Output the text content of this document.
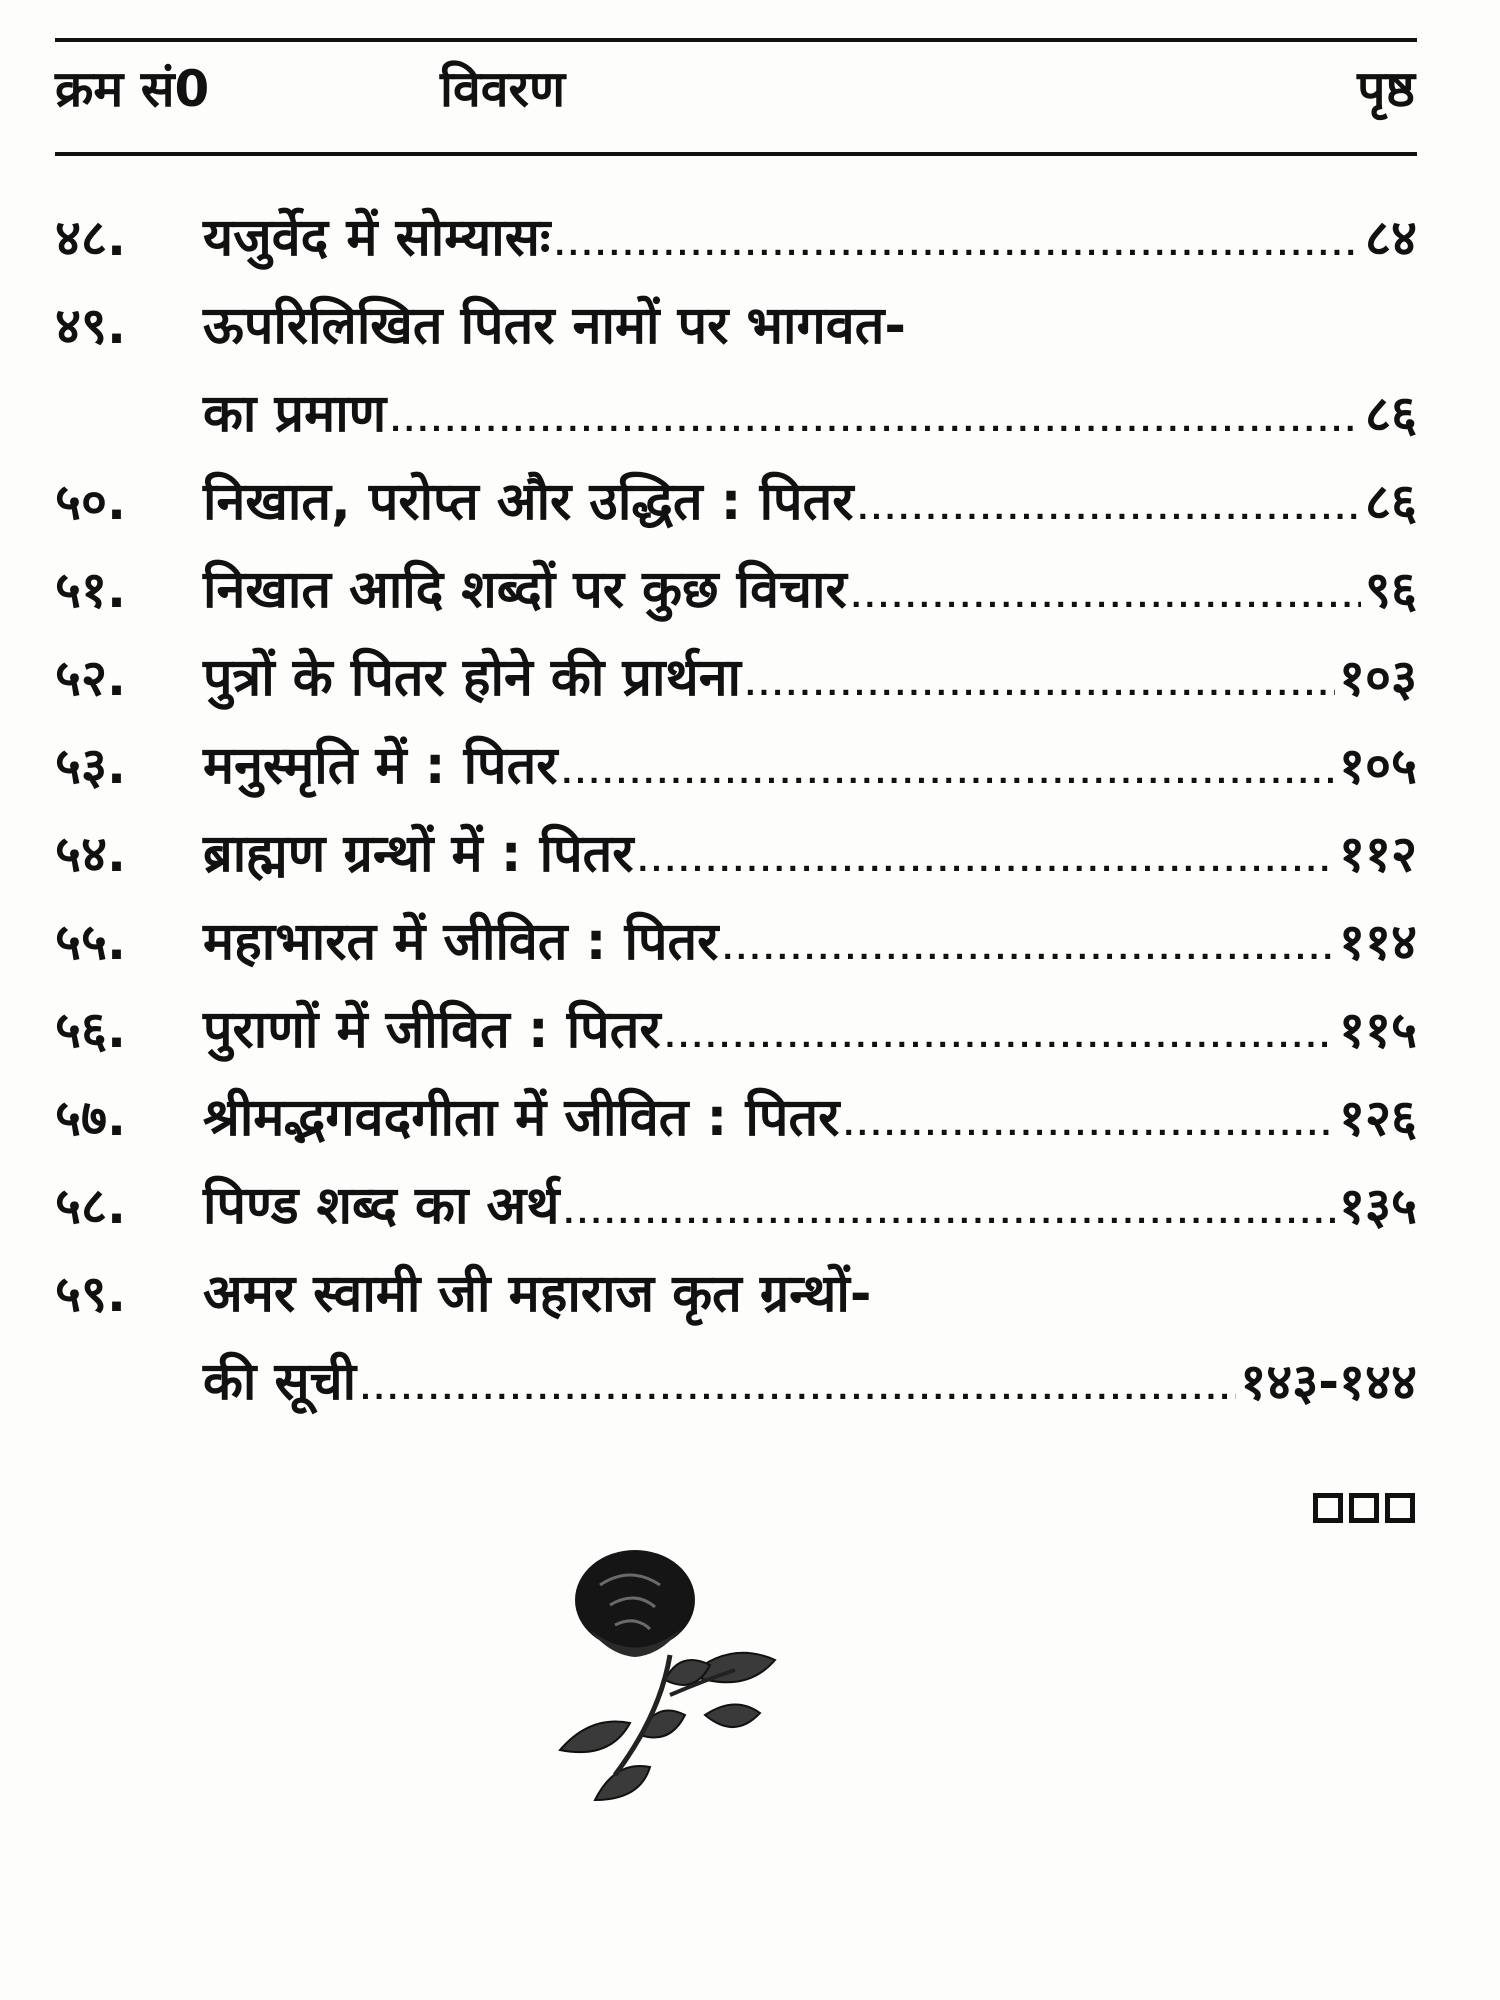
क्रम सं0	विवरण	पृष्ठ
४८.	यजुर्वेद में सोम्यासः .....	८४
४९.	ऊपरिलिखित पितर नामों पर भागवत-
का प्रमाण .....	८६
५०.	निखात, परोप्त और उद्धित : पितर .....	८६
५१.	निखात आदि शब्दों पर कुछ विचार .....	९६
५२.	पुत्रों के पितर होने की प्रार्थना .....	१०३
५३.	मनुस्मृति में : पितर .....	१०५
५४.	ब्राह्मण ग्रन्थों में : पितर .....	११२
५५.	महाभारत में जीवित : पितर .....	११४
५६.	पुराणों में जीवित : पितर .....	११५
५७.	श्रीमद्भगवदगीता में जीवित : पितर .....	१२६
५८.	पिण्ड शब्द का अर्थ .....	१३५
५९.	अमर स्वामी जी महाराज कृत ग्रन्थों-
की सूची .....	१४३-१४४
